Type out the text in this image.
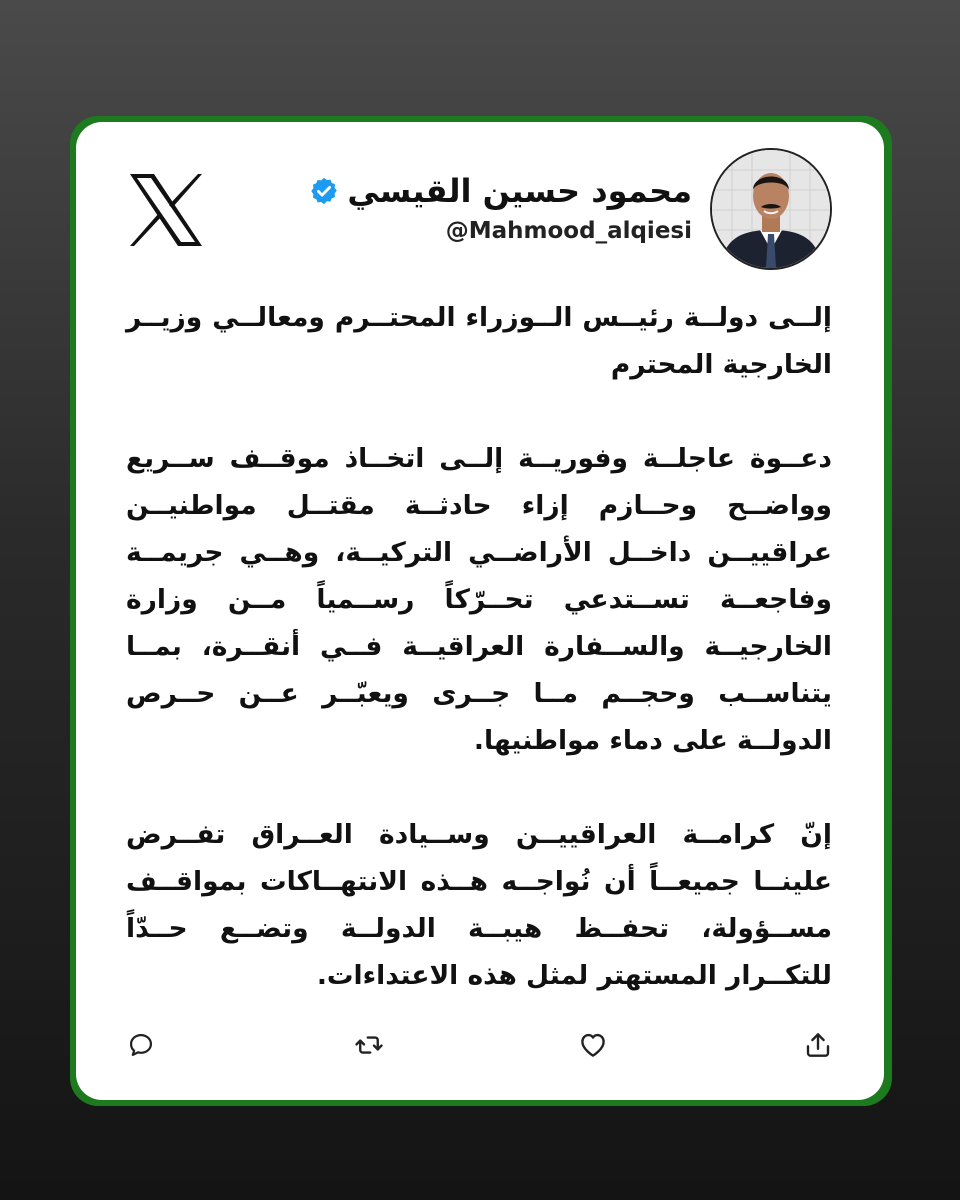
محمود حسين القيسي
@Mahmood_alqiesi

إلــى دولــة رئيــس الــوزراء المحتــرم ومعالــي وزيــر الخارجية المحترم

دعــوة عاجلــة وفوريــة إلــى اتخــاذ موقــف ســريع وواضــح وحــازم إزاء حادثــة مقتــل مواطنيــن عراقييــن داخــل الأراضــي التركيــة، وهــي جريمــة وفاجعــة تســتدعي تحــرّكاً رســمياً مــن وزارة الخارجيــة والســفارة العراقيــة فــي أنقــرة، بمــا يتناســب وحجــم مــا جــرى ويعبّــر عــن حــرص الدولــة على دماء مواطنيها.

إنّ كرامــة العراقييــن وســيادة العــراق تفــرض علينــا جميعــاً أن نُواجــه هــذه الانتهــاكات بمواقــف مســؤولة، تحفــظ هيبــة الدولــة وتضــع حــدّاً للتكــرار المستهتر لمثل هذه الاعتداءات.
